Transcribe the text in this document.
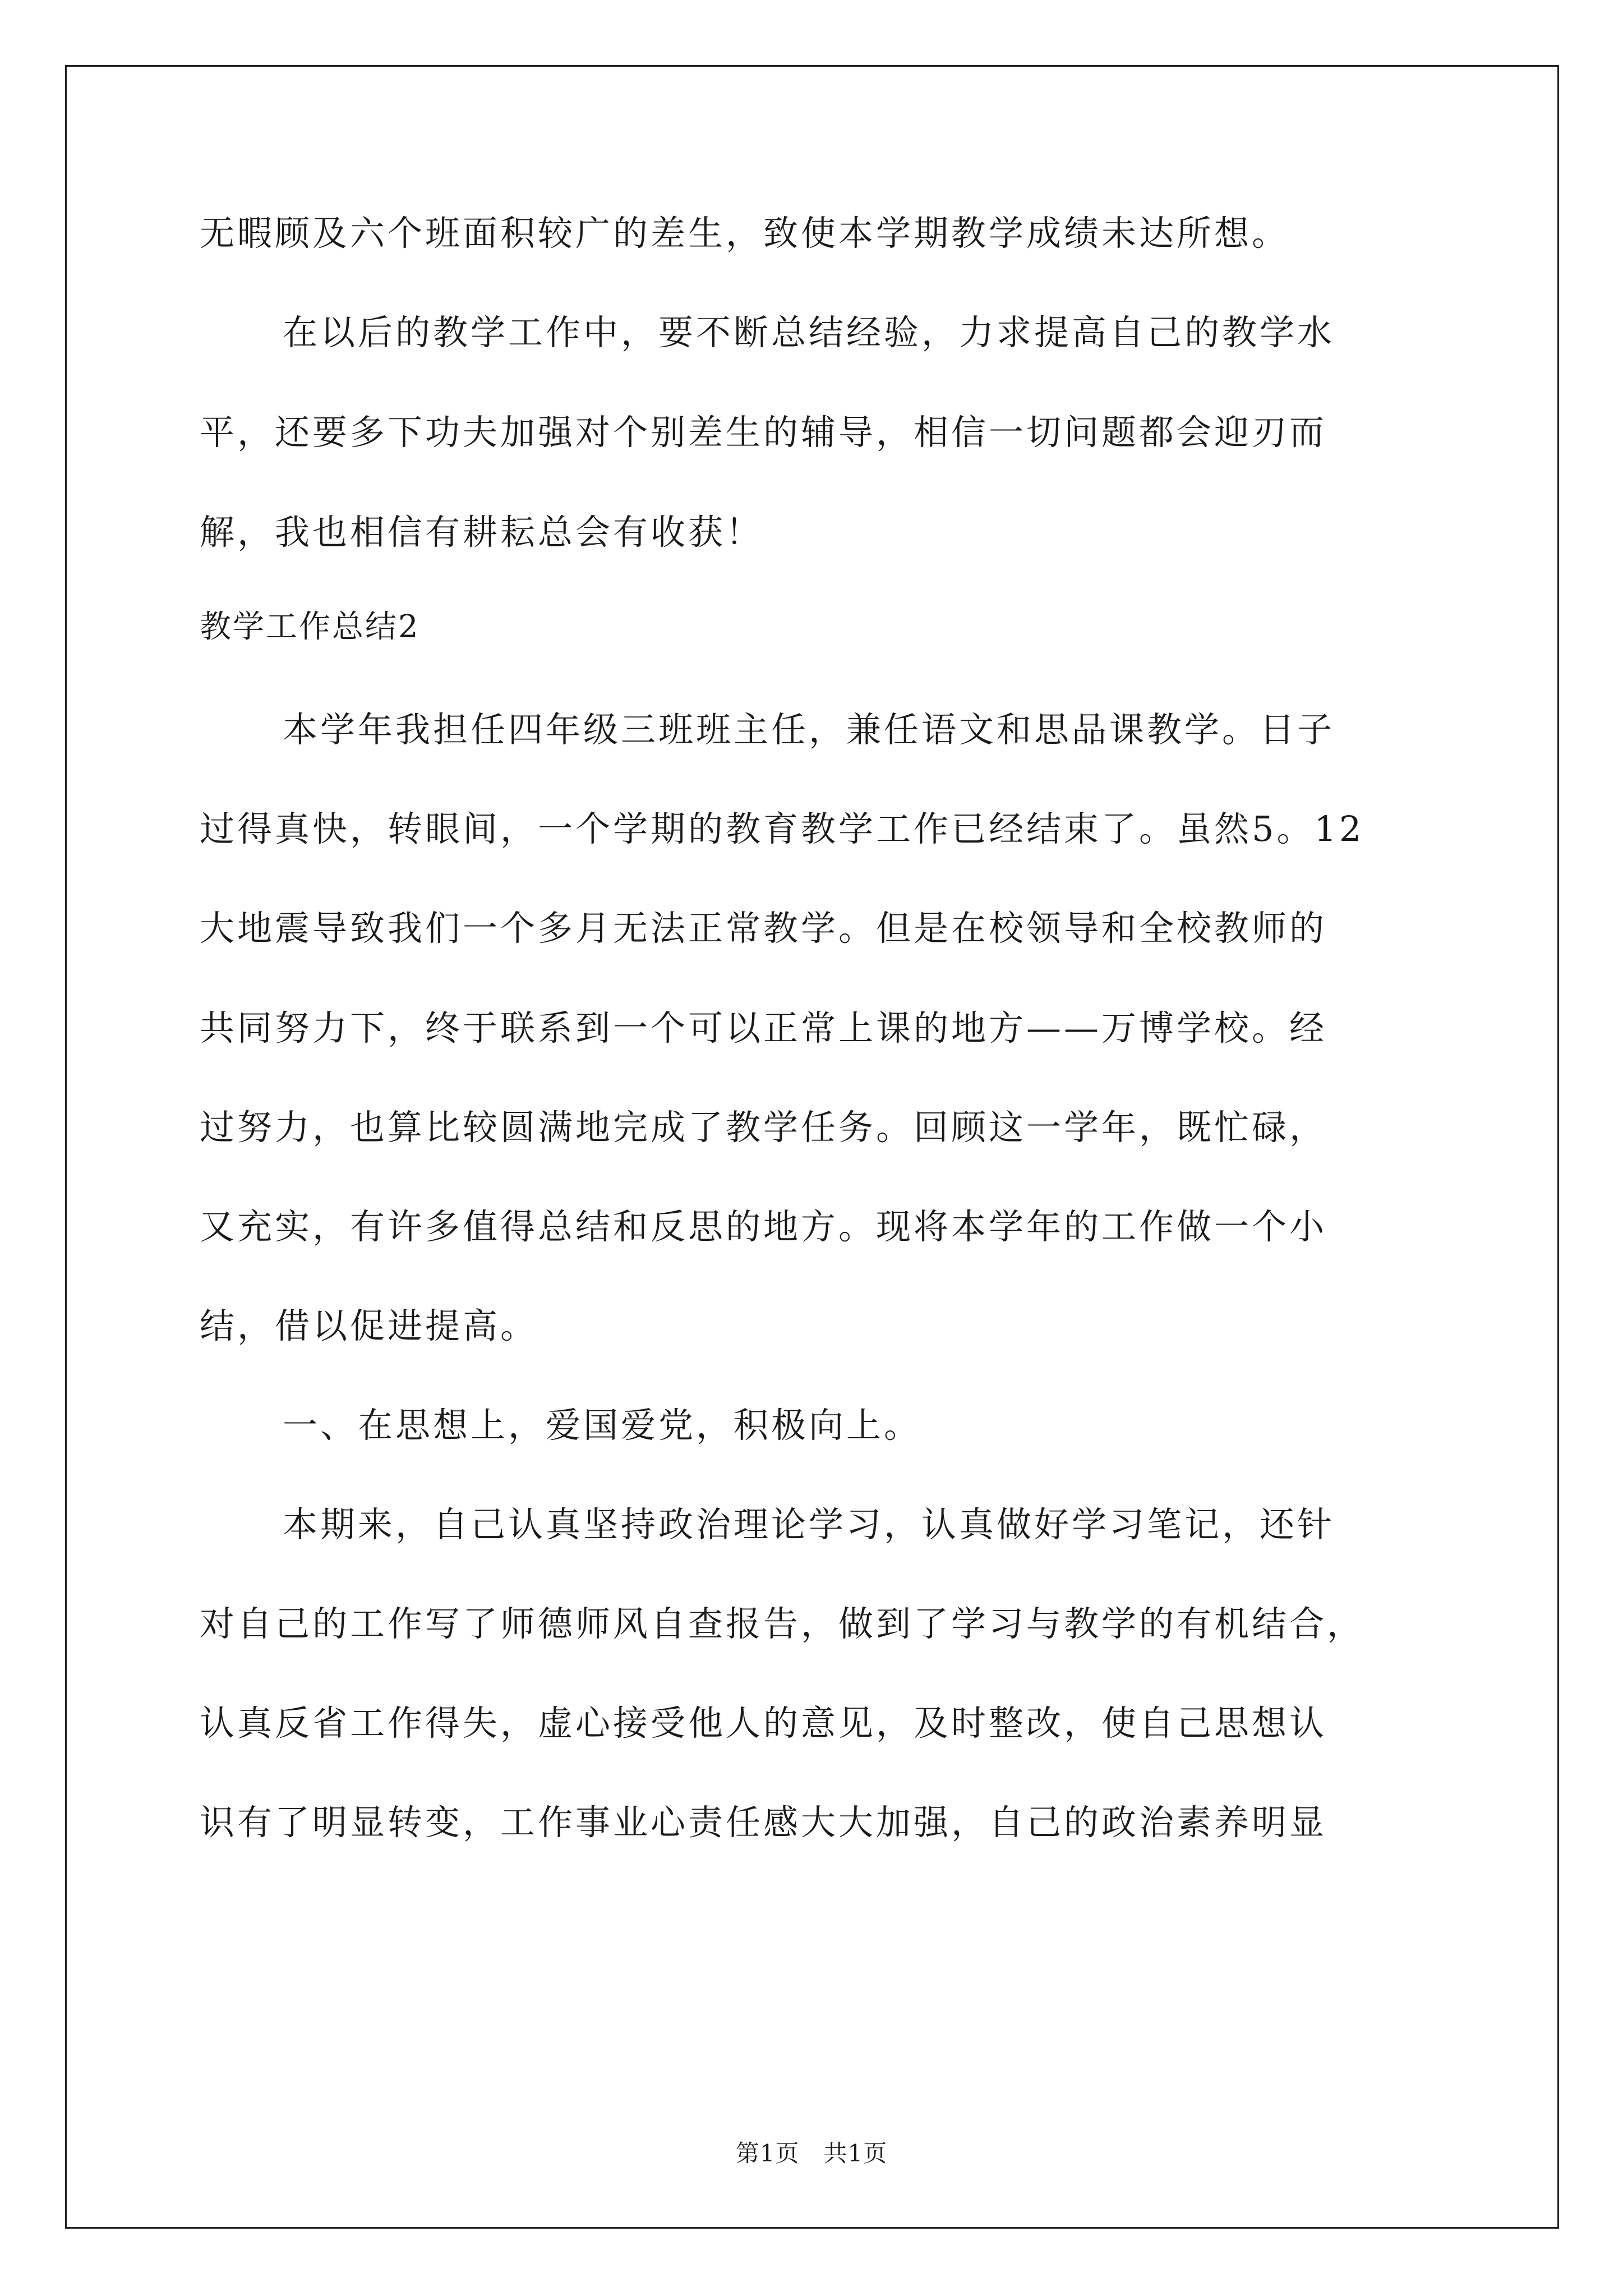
无暇顾及六个班面积较广的差生，致使本学期教学成绩未达所想。
在以后的教学工作中，要不断总结经验，力求提高自己的教学水
平，还要多下功夫加强对个别差生的辅导，相信一切问题都会迎刃而
解，我也相信有耕耘总会有收获！
教学工作总结2
本学年我担任四年级三班班主任，兼任语文和思品课教学。日子
过得真快，转眼间，一个学期的教育教学工作已经结束了。虽然5。12
大地震导致我们一个多月无法正常教学。但是在校领导和全校教师的
共同努力下，终于联系到一个可以正常上课的地方——万博学校。经
过努力，也算比较圆满地完成了教学任务。回顾这一学年，既忙碌，
又充实，有许多值得总结和反思的地方。现将本学年的工作做一个小
结，借以促进提高。
一、在思想上，爱国爱党，积极向上。
本期来，自己认真坚持政治理论学习，认真做好学习笔记，还针
对自己的工作写了师德师风自查报告，做到了学习与教学的有机结合，
认真反省工作得失，虚心接受他人的意见，及时整改，使自己思想认
识有了明显转变，工作事业心责任感大大加强，自己的政治素养明显
第1页   共1页
